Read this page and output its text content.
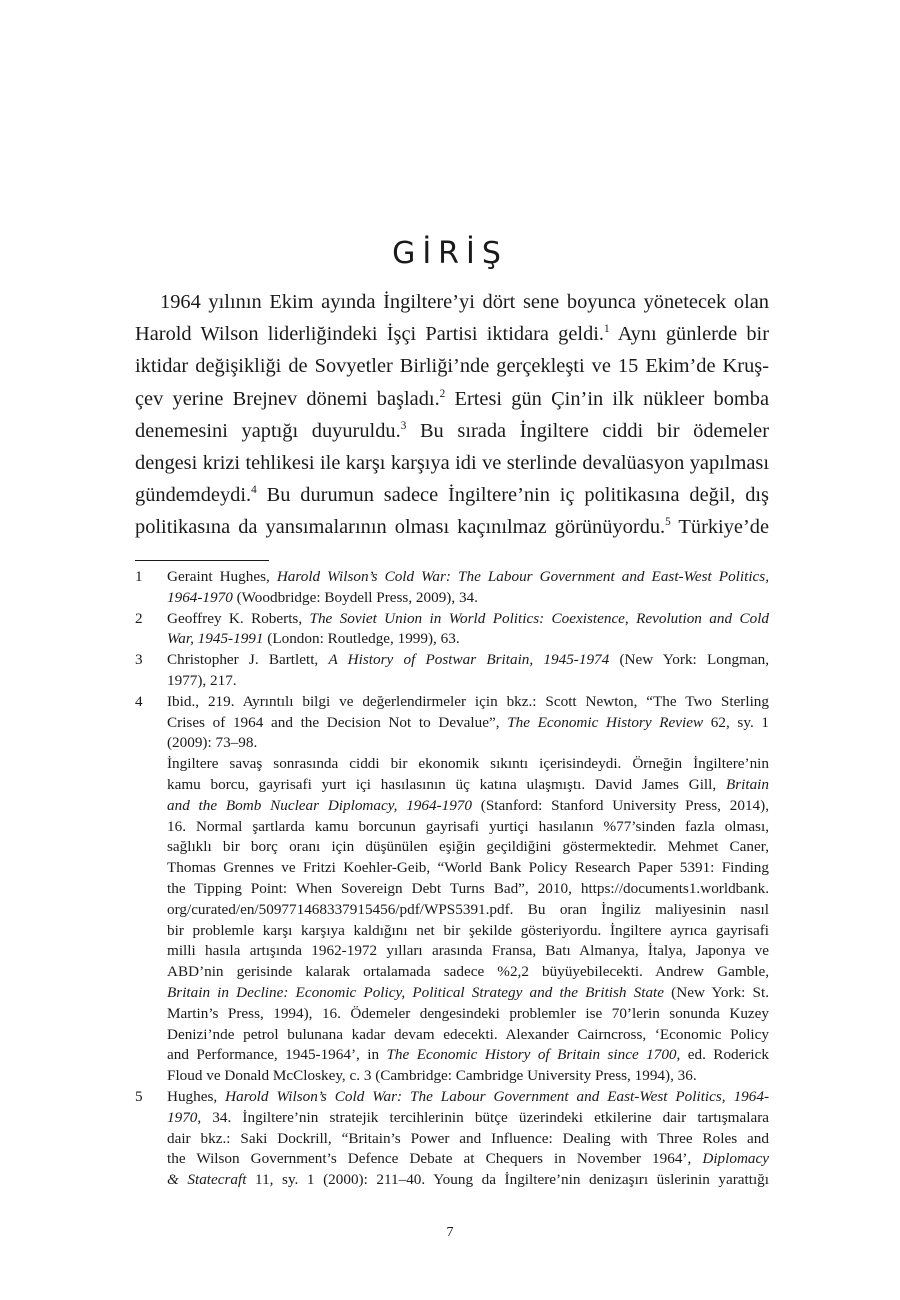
GİRİŞ
1964 yılının Ekim ayında İngiltere’yi dört sene boyunca yönetecek olan
Harold Wilson liderliğindeki İşçi Partisi iktidara geldi.$^1$ Aynı günlerde bir
iktidar değişikliği de Sovyetler Birliği’nde gerçekleşti ve 15 Ekim’de Kruş-
çev yerine Brejnev dönemi başladı.$^2$ Ertesi gün Çin’in ilk nükleer bomba
denemesini yaptığı duyuruldu.$^3$ Bu sırada İngiltere ciddi bir ödemeler
dengesi krizi tehlikesi ile karşı karşıya idi ve sterlinde devalüasyon yapılması
gündemdeydi.$^4$ Bu durumun sadece İngiltere’nin iç politikasına değil, dış
politikasına da yansımalarının olması kaçınılmaz görünüyordu.$^5$ Türkiye’de
1 Geraint Hughes, Harold Wilson’s Cold War: The Labour Government and East-West Politics,
1964-1970 (Woodbridge: Boydell Press, 2009), 34.
2 Geoffrey K. Roberts, The Soviet Union in World Politics: Coexistence, Revolution and Cold
War, 1945-1991 (London: Routledge, 1999), 63.
3 Christopher J. Bartlett, A History of Postwar Britain, 1945-1974 (New York: Longman,
1977), 217.
4 Ibid., 219. Ayrıntılı bilgi ve değerlendirmeler için bkz.: Scott Newton, “The Two Sterling
Crises of 1964 and the Decision Not to Devalue”, The Economic History Review 62, sy. 1
(2009): 73–98.
İngiltere savaş sonrasında ciddi bir ekonomik sıkıntı içerisindeydi. Örneğin İngiltere’nin
kamu borcu, gayrisafi yurt içi hasılasının üç katına ulaşmıştı. David James Gill, Britain
and the Bomb Nuclear Diplomacy, 1964-1970 (Stanford: Stanford University Press, 2014),
16. Normal şartlarda kamu borcunun gayrisafi yurtiçi hasılanın %77’sinden fazla olması,
sağlıklı bir borç oranı için düşünülen eşiğin geçildiğini göstermektedir. Mehmet Caner,
Thomas Grennes ve Fritzi Koehler-Geib, “World Bank Policy Research Paper 5391: Finding
the Tipping Point: When Sovereign Debt Turns Bad”, 2010, https://documents1.worldbank.
org/curated/en/509771468337915456/pdf/WPS5391.pdf. Bu oran İngiliz maliyesinin nasıl
bir problemle karşı karşıya kaldığını net bir şekilde gösteriyordu. İngiltere ayrıca gayrisafi
milli hasıla artışında 1962-1972 yılları arasında Fransa, Batı Almanya, İtalya, Japonya ve
ABD’nin gerisinde kalarak ortalamada sadece %2,2 büyüyebilecekti. Andrew Gamble,
Britain in Decline: Economic Policy, Political Strategy and the British State (New York: St.
Martin’s Press, 1994), 16. Ödemeler dengesindeki problemler ise 70’lerin sonunda Kuzey
Denizi’nde petrol bulunana kadar devam edecekti. Alexander Cairncross, ‘Economic Policy
and Performance, 1945-1964’, in The Economic History of Britain since 1700, ed. Roderick
Floud ve Donald McCloskey, c. 3 (Cambridge: Cambridge University Press, 1994), 36.
5 Hughes, Harold Wilson’s Cold War: The Labour Government and East-West Politics, 1964-
1970, 34. İngiltere’nin stratejik tercihlerinin bütçe üzerindeki etkilerine dair tartışmalara
dair bkz.: Saki Dockrill, “Britain’s Power and Influence: Dealing with Three Roles and
the Wilson Government’s Defence Debate at Chequers in November 1964’, Diplomacy
& Statecraft 11, sy. 1 (2000): 211–40. Young da İngiltere’nin denizaşırı üslerinin yarattığı
7
